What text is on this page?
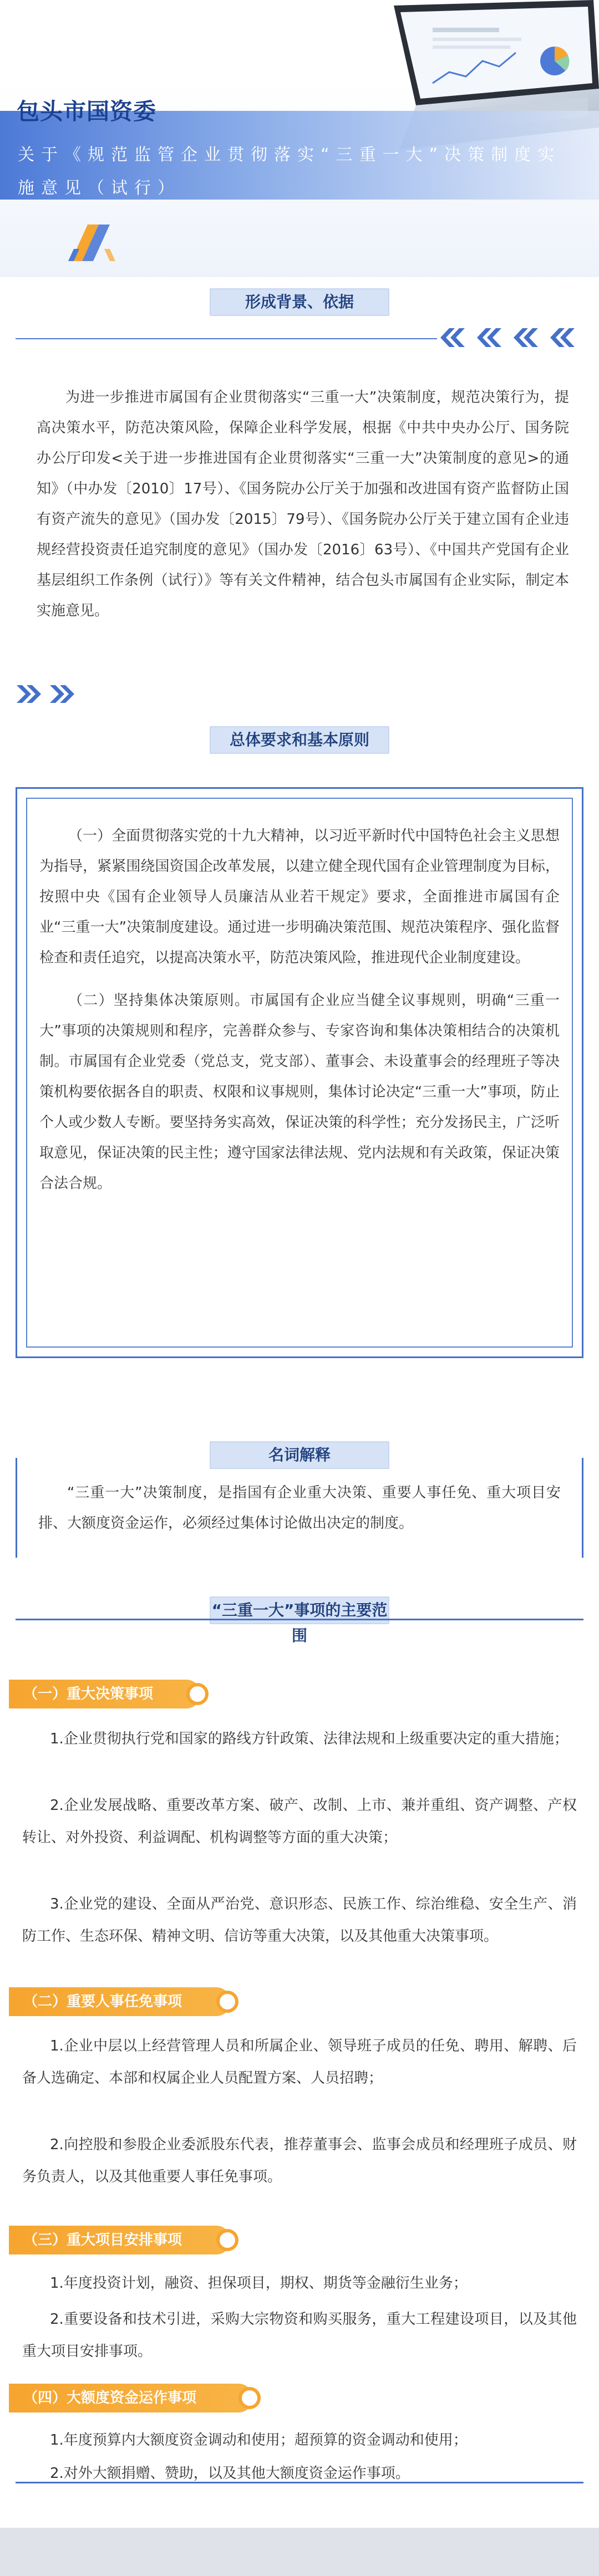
包头市国资委
关于《规范监管企业贯彻落实“三重一大”决策制度实施意见（试行）
形成背景、依据
为进一步推进市属国有企业贯彻落实“三重一大”决策制度，规范决策行为，提高决策水平，防范决策风险，保障企业科学发展，根据《中共中央办公厅、国务院办公厅印发<关于进一步推进国有企业贯彻落实“三重一大”决策制度的意见>的通知》（中办发〔2010〕17号）、《国务院办公厅关于加强和改进国有资产监督防止国有资产流失的意见》（国办发〔2015〕79号）、《国务院办公厅关于建立国有企业违规经营投资责任追究制度的意见》（国办发〔2016〕63号）、《中国共产党国有企业基层组织工作条例（试行）》等有关文件精神，结合包头市属国有企业实际，制定本实施意见。
总体要求和基本原则

（一）全面贯彻落实党的十九大精神，以习近平新时代中国特色社会主义思想为指导，紧紧围绕国资国企改革发展，以建立健全现代国有企业管理制度为目标，按照中央《国有企业领导人员廉洁从业若干规定》要求，全面推进市属国有企业“三重一大”决策制度建设。通过进一步明确决策范围、规范决策程序、强化监督检查和责任追究，以提高决策水平，防范决策风险，推进现代企业制度建设。

（二）坚持集体决策原则。市属国有企业应当健全议事规则，明确“三重一大”事项的决策规则和程序，完善群众参与、专家咨询和集体决策相结合的决策机制。市属国有企业党委（党总支，党支部）、董事会、未设董事会的经理班子等决策机构要依据各自的职责、权限和议事规则，集体讨论决定“三重一大”事项，防止个人或少数人专断。要坚持务实高效，保证决策的科学性；充分发扬民主，广泛听取意见，保证决策的民主性；遵守国家法律法规、党内法规和有关政策，保证决策合法合规。

名词解释

“三重一大”决策制度，是指国有企业重大决策、重要人事任免、重大项目安排、大额度资金运作，必须经过集体讨论做出决定的制度。

“三重一大”事项的主要范围
（一）重大决策事项
1.企业贯彻执行党和国家的路线方针政策、法律法规和上级重要决定的重大措施；
2.企业发展战略、重要改革方案、破产、改制、上市、兼并重组、资产调整、产权转让、对外投资、利益调配、机构调整等方面的重大决策；
3.企业党的建设、全面从严治党、意识形态、民族工作、综治维稳、安全生产、消防工作、生态环保、精神文明、信访等重大决策，以及其他重大决策事项。
（二）重要人事任免事项
1.企业中层以上经营管理人员和所属企业、领导班子成员的任免、聘用、解聘、后备人选确定、本部和权属企业人员配置方案、人员招聘；
2.向控股和参股企业委派股东代表，推荐董事会、监事会成员和经理班子成员、财务负责人，以及其他重要人事任免事项。
（三）重大项目安排事项
1.年度投资计划，融资、担保项目，期权、期货等金融衍生业务；
2.重要设备和技术引进，采购大宗物资和购买服务，重大工程建设项目，以及其他重大项目安排事项。
（四）大额度资金运作事项
1.年度预算内大额度资金调动和使用；超预算的资金调动和使用；
2.对外大额捐赠、赞助，以及其他大额度资金运作事项。
